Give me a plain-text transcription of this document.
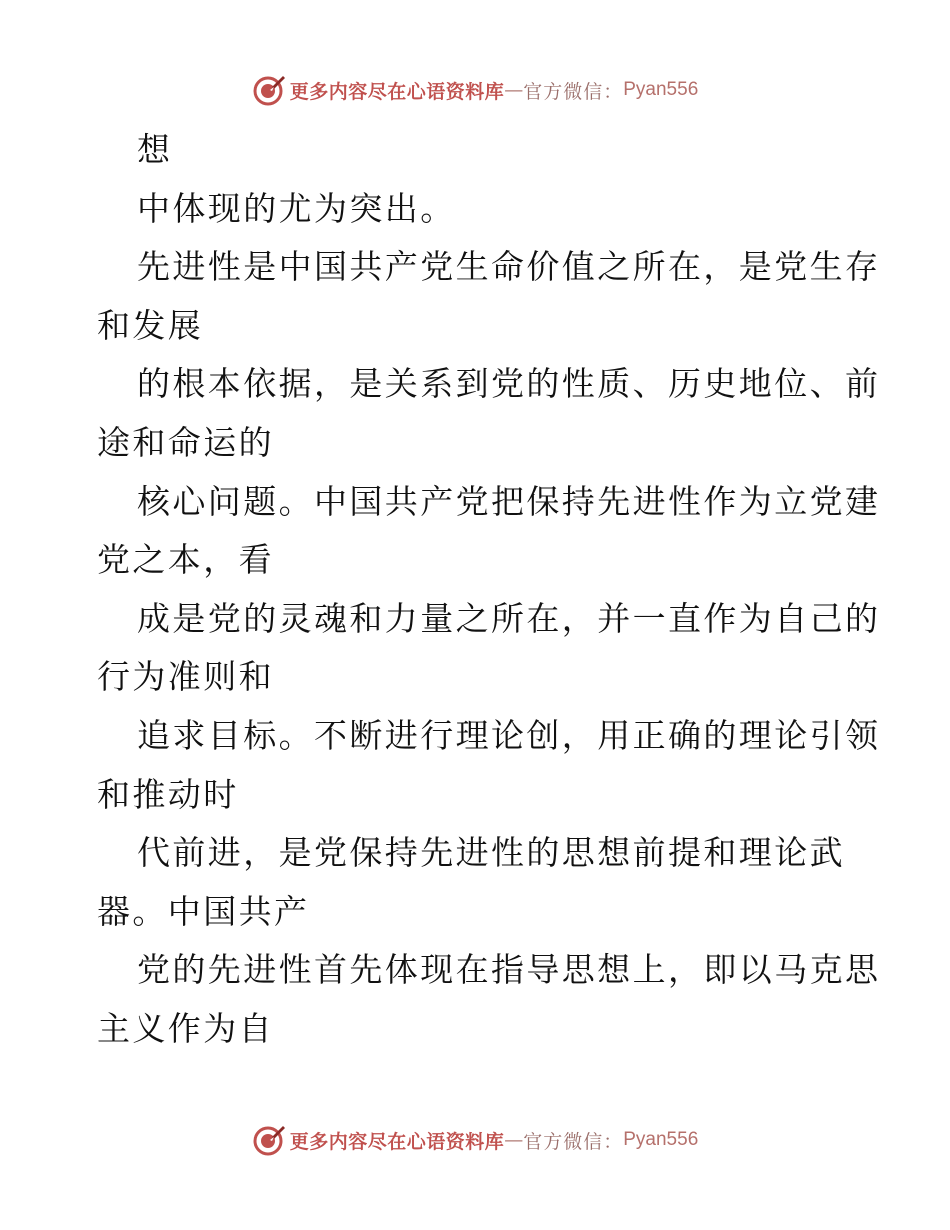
更多内容尽在心语资料库 — 官方微信： Pyan556
想
中体现的尤为突出。
先进性是中国共产党生命价值之所在，是党生存
和发展
的根本依据，是关系到党的性质、历史地位、前
途和命运的
核心问题。中国共产党把保持先进性作为立党建
党之本，看
成是党的灵魂和力量之所在，并一直作为自己的
行为准则和
追求目标。不断进行理论创，用正确的理论引领
和推动时
代前进，是党保持先进性的思想前提和理论武
器。中国共产
党的先进性首先体现在指导思想上，即以马克思
主义作为自
更多内容尽在心语资料库 — 官方微信： Pyan556
